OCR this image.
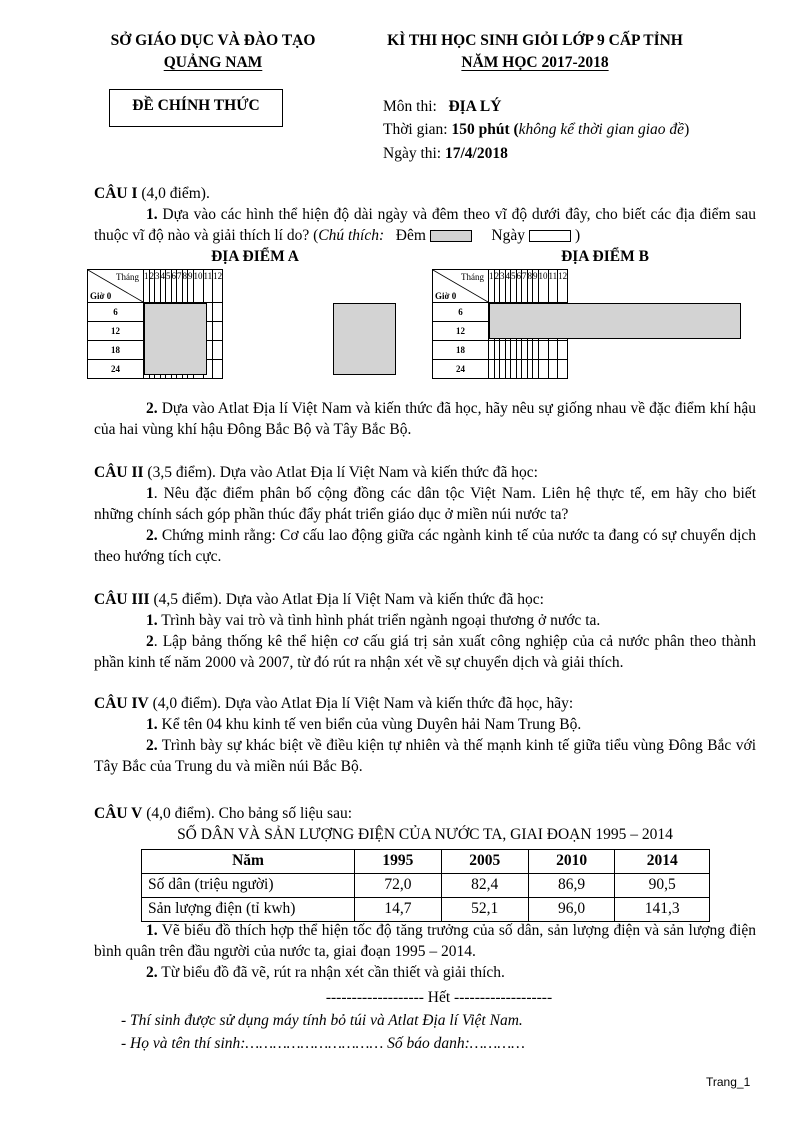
SỞ GIÁO DỤC VÀ ĐÀO TẠO
QUẢNG NAM
KÌ THI HỌC SINH GIỎI LỚP 9 CẤP TỈNH
NĂM HỌC 2017-2018
ĐỀ CHÍNH THỨC	Môn thi: ĐỊA LÝ
Thời gian: 150 phút (không kể thời gian giao đề)
Ngày thi: 17/4/2018
CÂU I (4,0 điểm).
1. Dựa vào các hình thể hiện độ dài ngày và đêm theo vĩ độ dưới đây, cho biết các địa điểm sau thuộc vĩ độ nào và giải thích lí do? (Chú thích: Đêm	Ngày	)
ĐỊA ĐIỂM A	ĐỊA ĐIỂM B
Tháng
Giờ 0	1	2	3	4	5	6	7	8	9	10	11	12
6												
12												
18												
24												
Tháng
Giờ 0	1	2	3	4	5	6	7	8	9	10	11	12
6												
12												
18												
24												
2. Dựa vào Atlat Địa lí Việt Nam và kiến thức đã học, hãy nêu sự giống nhau về đặc điểm khí hậu của hai vùng khí hậu Đông Bắc Bộ và Tây Bắc Bộ.
CÂU II (3,5 điểm). Dựa vào Atlat Địa lí Việt Nam và kiến thức đã học:
1. Nêu đặc điểm phân bố cộng đồng các dân tộc Việt Nam. Liên hệ thực tế, em hãy cho biết những chính sách góp phần thúc đẩy phát triển giáo dục ở miền núi nước ta?
2. Chứng minh rằng: Cơ cấu lao động giữa các ngành kinh tế của nước ta đang có sự chuyển dịch theo hướng tích cực.
CÂU III (4,5 điểm). Dựa vào Atlat Địa lí Việt Nam và kiến thức đã học:
1. Trình bày vai trò và tình hình phát triển ngành ngoại thương ở nước ta.
2. Lập bảng thống kê thể hiện cơ cấu giá trị sản xuất công nghiệp của cả nước phân theo thành phần kinh tế năm 2000 và 2007, từ đó rút ra nhận xét về sự chuyển dịch và giải thích.
CÂU IV (4,0 điểm). Dựa vào Atlat Địa lí Việt Nam và kiến thức đã học, hãy:
1. Kể tên 04 khu kinh tế ven biển của vùng Duyên hải Nam Trung Bộ.
2. Trình bày sự khác biệt về điều kiện tự nhiên và thế mạnh kinh tế giữa tiểu vùng Đông Bắc với Tây Bắc của Trung du và miền núi Bắc Bộ.
CÂU V (4,0 điểm). Cho bảng số liệu sau:
SỐ DÂN VÀ SẢN LƯỢNG ĐIỆN CỦA NƯỚC TA, GIAI ĐOẠN 1995 – 2014
Năm	1995	2005	2010	2014
Số dân (triệu người)	72,0	82,4	86,9	90,5
Sản lượng điện (tỉ kwh)	14,7	52,1	96,0	141,3
1. Vẽ biểu đồ thích hợp thể hiện tốc độ tăng trưởng của số dân, sản lượng điện và sản lượng điện bình quân trên đầu người của nước ta, giai đoạn 1995 – 2014.
2. Từ biểu đồ đã vẽ, rút ra nhận xét cần thiết và giải thích.
------------------- Hết -------------------
- Thí sinh được sử dụng máy tính bỏ túi và Atlat Địa lí Việt Nam.
- Họ và tên thí sinh:………………………… Số báo danh:…………
Trang_1
